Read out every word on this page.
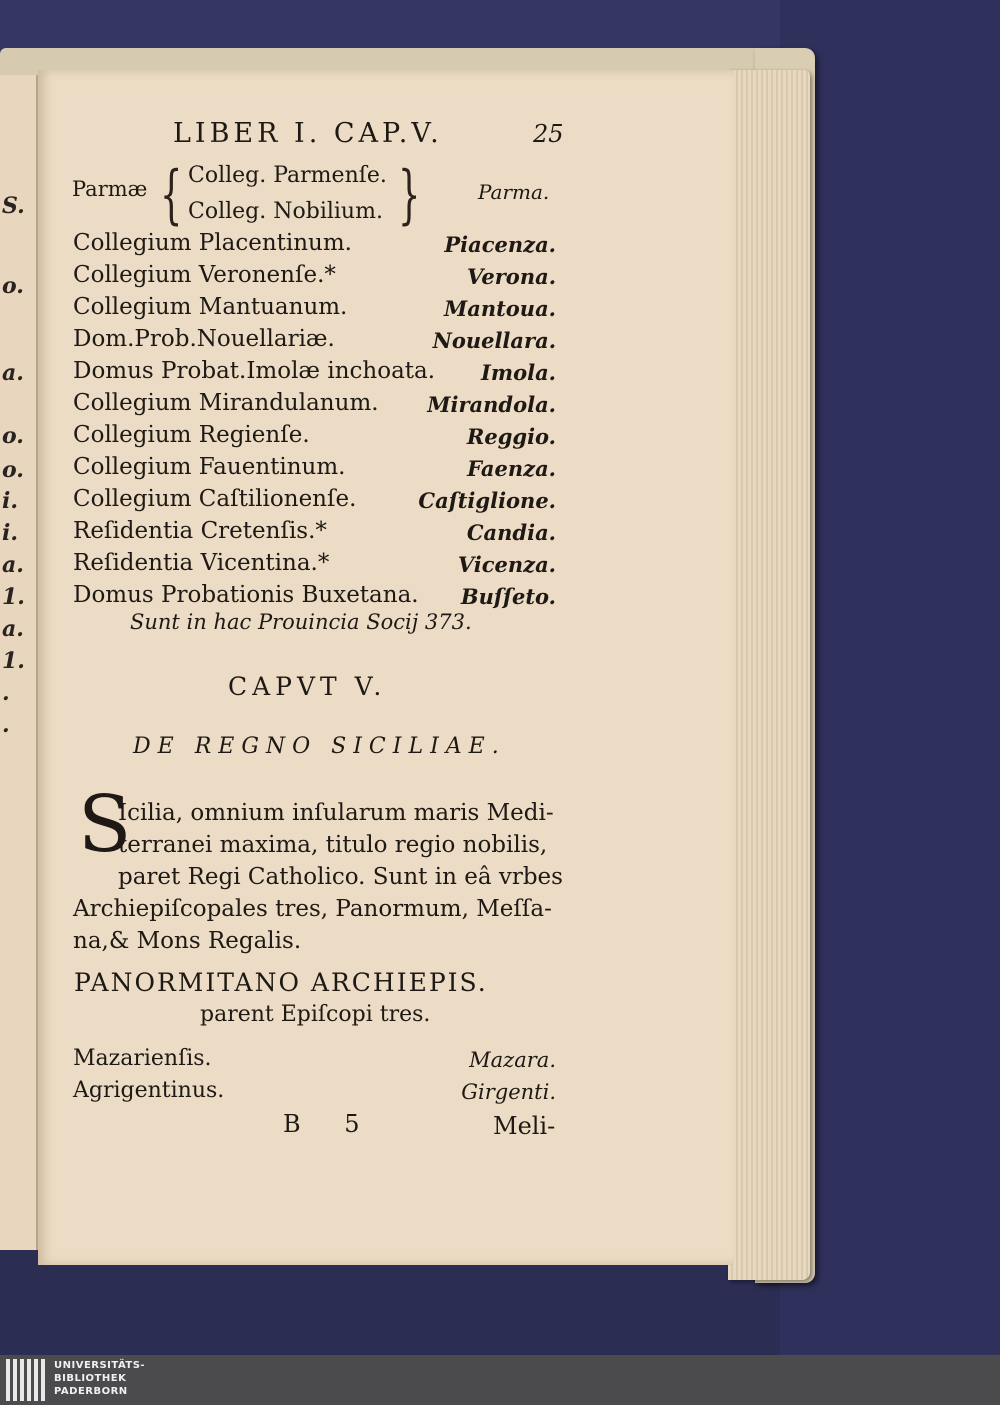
S.
o.
a.
o.
o.
i.
i.
a.
1.
a.
1.
.
.
LIBER I. CAP.V.	25
Parmæ { Colleg. Parmenſe.
Colleg. Nobilium. }	Parma.
Collegium Placentinum.	Piacenza.
Collegium Veronenſe.*	Verona.
Collegium Mantuanum.	Mantoua.
Dom.Prob.Nouellariæ.	Nouellara.
Domus Probat.Imolæ inchoata. Imola.
Collegium Mirandulanum. Mirandola.
Collegium Regienſe.	Reggio.
Collegium Fauentinum.	Faenza.
Collegium Caſtilionenſe.	Caſtiglione.
Reſidentia Cretenſis.*	Candia.
Reſidentia Vicentina.*	Vicenza.
Domus Probationis Buxetana. Buſſeto.
Sunt in hac Prouincia Socij 373.
CAPVT V.
DE REGNO SICILIAE.
S
Icilia, omnium inſularum maris Medi-
terranei maxima, titulo regio nobilis,
paret Regi Catholico. Sunt in eâ vrbes
Archiepiſcopales tres, Panormum, Meſſa-
na,& Mons Regalis.
PANORMITANO ARCHIEPIS.
parent Epiſcopi tres.
Mazarienſis.	Mazara.
Agrigentinus.	Girgenti.
B 5	Meli-
UNIVERSITÄTS-
BIBLIOTHEK
PADERBORN
